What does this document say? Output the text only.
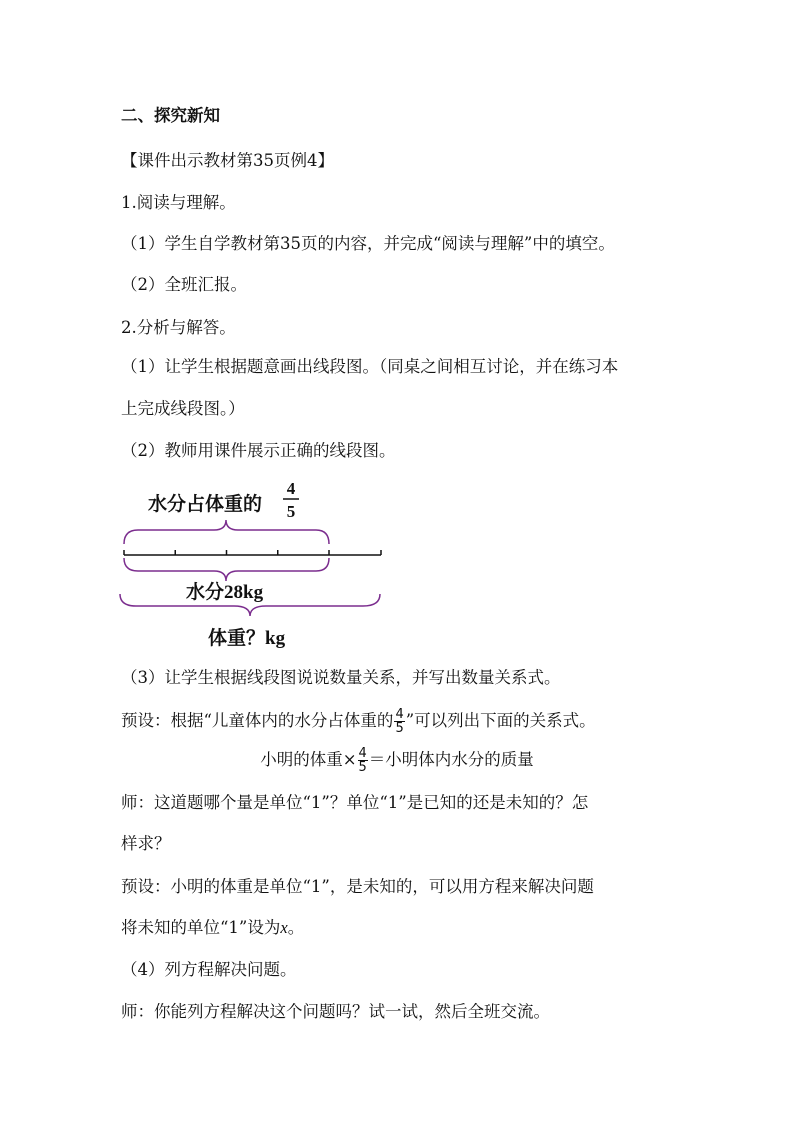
二、探究新知
【课件出示教材第35页例4】
1.阅读与理解。
（1）学生自学教材第35页的内容，并完成“阅读与理解”中的填空。
（2）全班汇报。
2.分析与解答。
（1）让学生根据题意画出线段图。（同桌之间相互讨论，并在练习本
上完成线段图。）
（2）教师用课件展示正确的线段图。
水分占体重的
4
5
水分28kg
体重？kg
（3）让学生根据线段图说说数量关系，并写出数量关系式。
预设：根据“儿童体内的水分占体重的 $\frac{4}{5}$ ”可以列出下面的关系式。
小明的体重× $\frac{4}{5}$ ＝小明体内水分的质量
师：这道题哪个量是单位“1”？单位“1”是已知的还是未知的？怎
样求？
预设：小明的体重是单位“1”，是未知的，可以用方程来解决问题
将未知的单位“1”设为x。
（4）列方程解决问题。
师：你能列方程解决这个问题吗？试一试，然后全班交流。
